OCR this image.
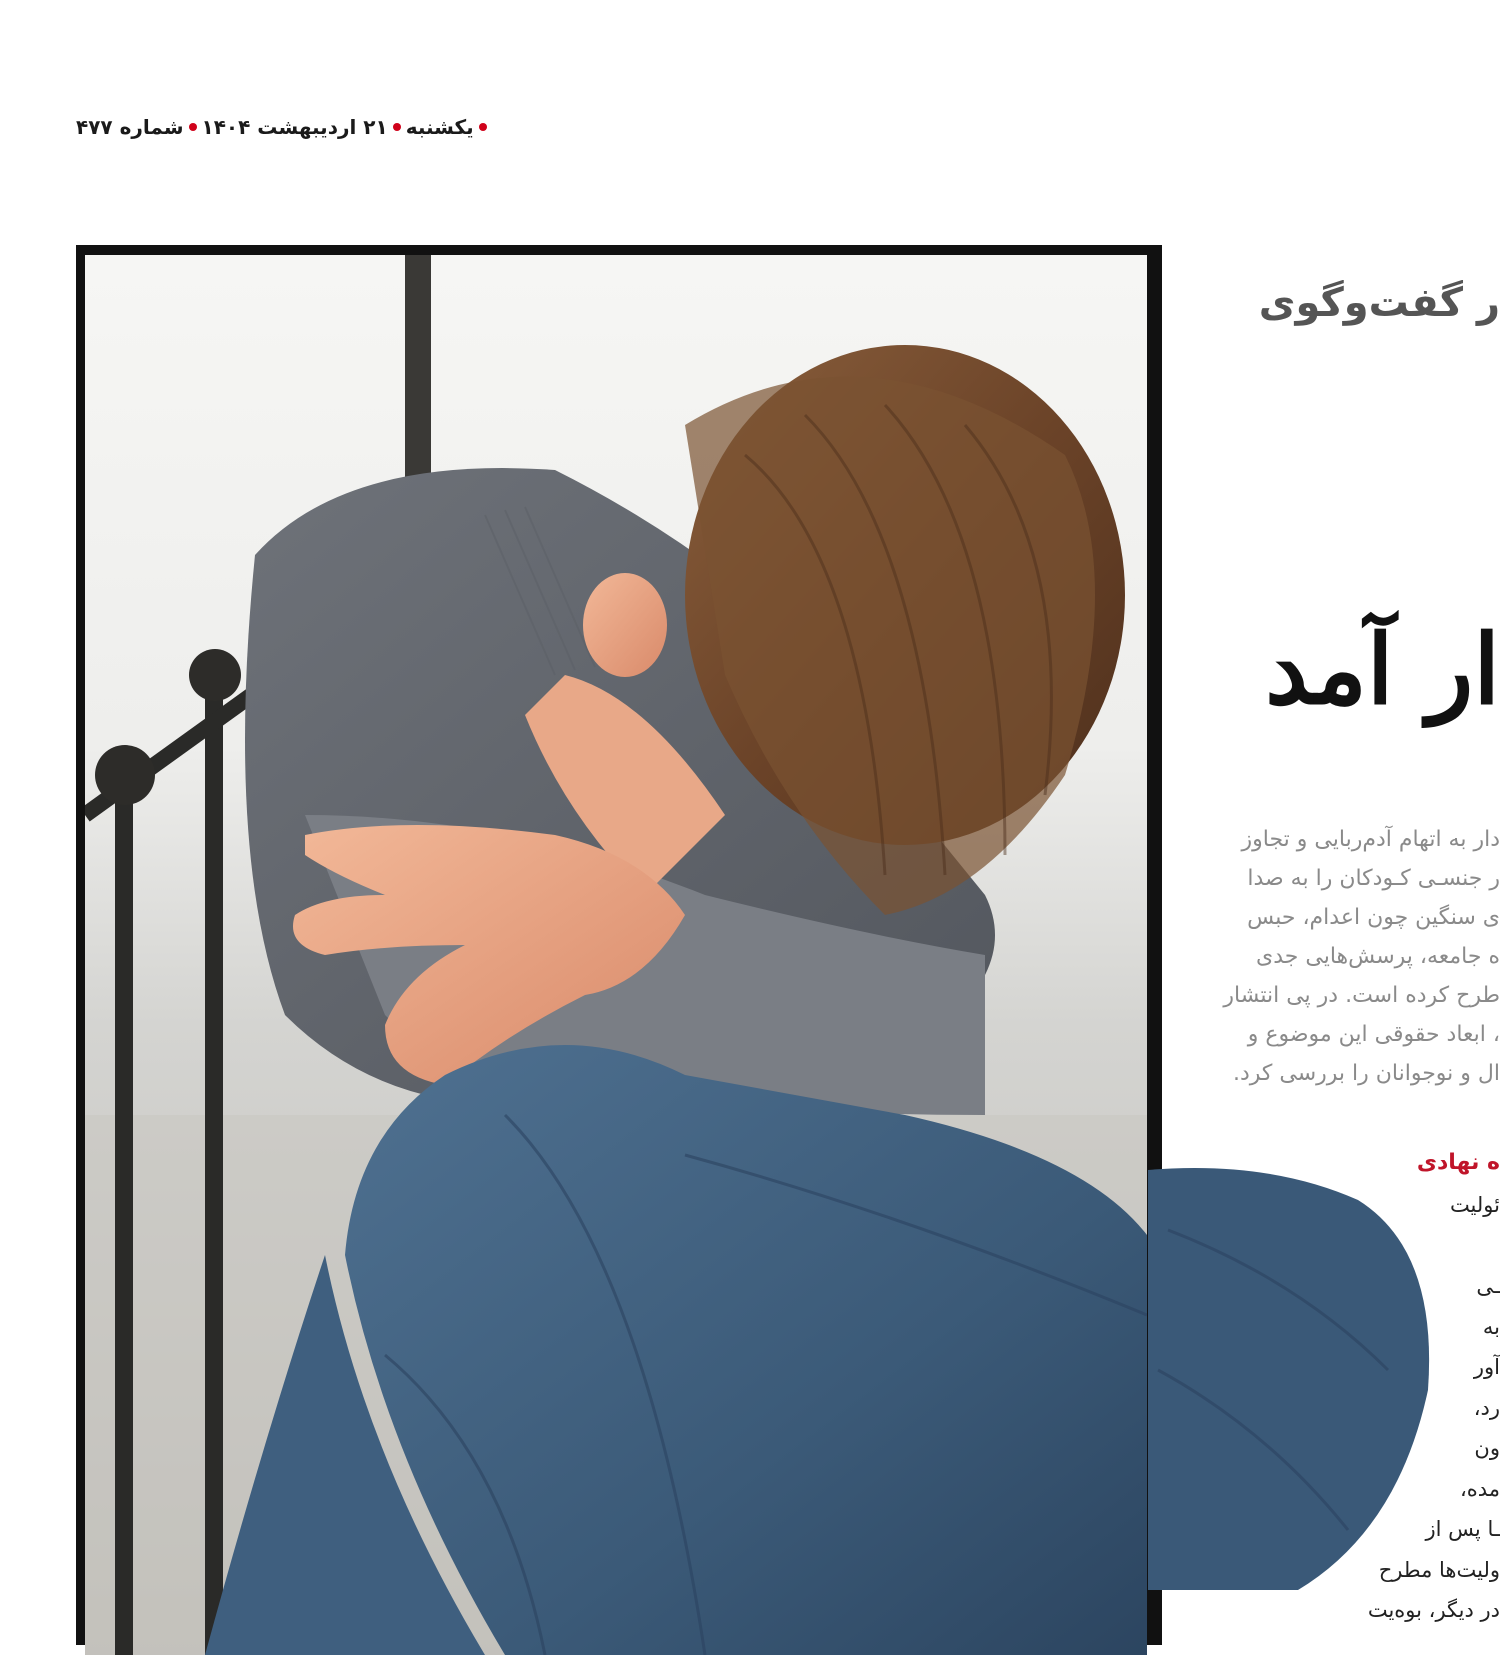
یکشنبه
۲۱ اردیبهشت ۱۴۰۴
شماره ۴۷۷
ر گفت‌وگوی
ار آمد
دار به اتهام آدم‌ربایی و تجاوز
ر جنسـی کـودکان را به صدا
ی سنگین چون اعدام، حبس
ه جامعه، پرسش‌هایی جدی
طرح کرده است. در پی انتشار
، ابعاد حقوقی این موضوع و
ال و نوجوانان را بررسی کرد.
ه نهادی
ئولیت

ـی
به
آور
رد،
ون
مده،
ـا پس از
ولیت‌ها مطرح
در دیگر، بوه‌یت
